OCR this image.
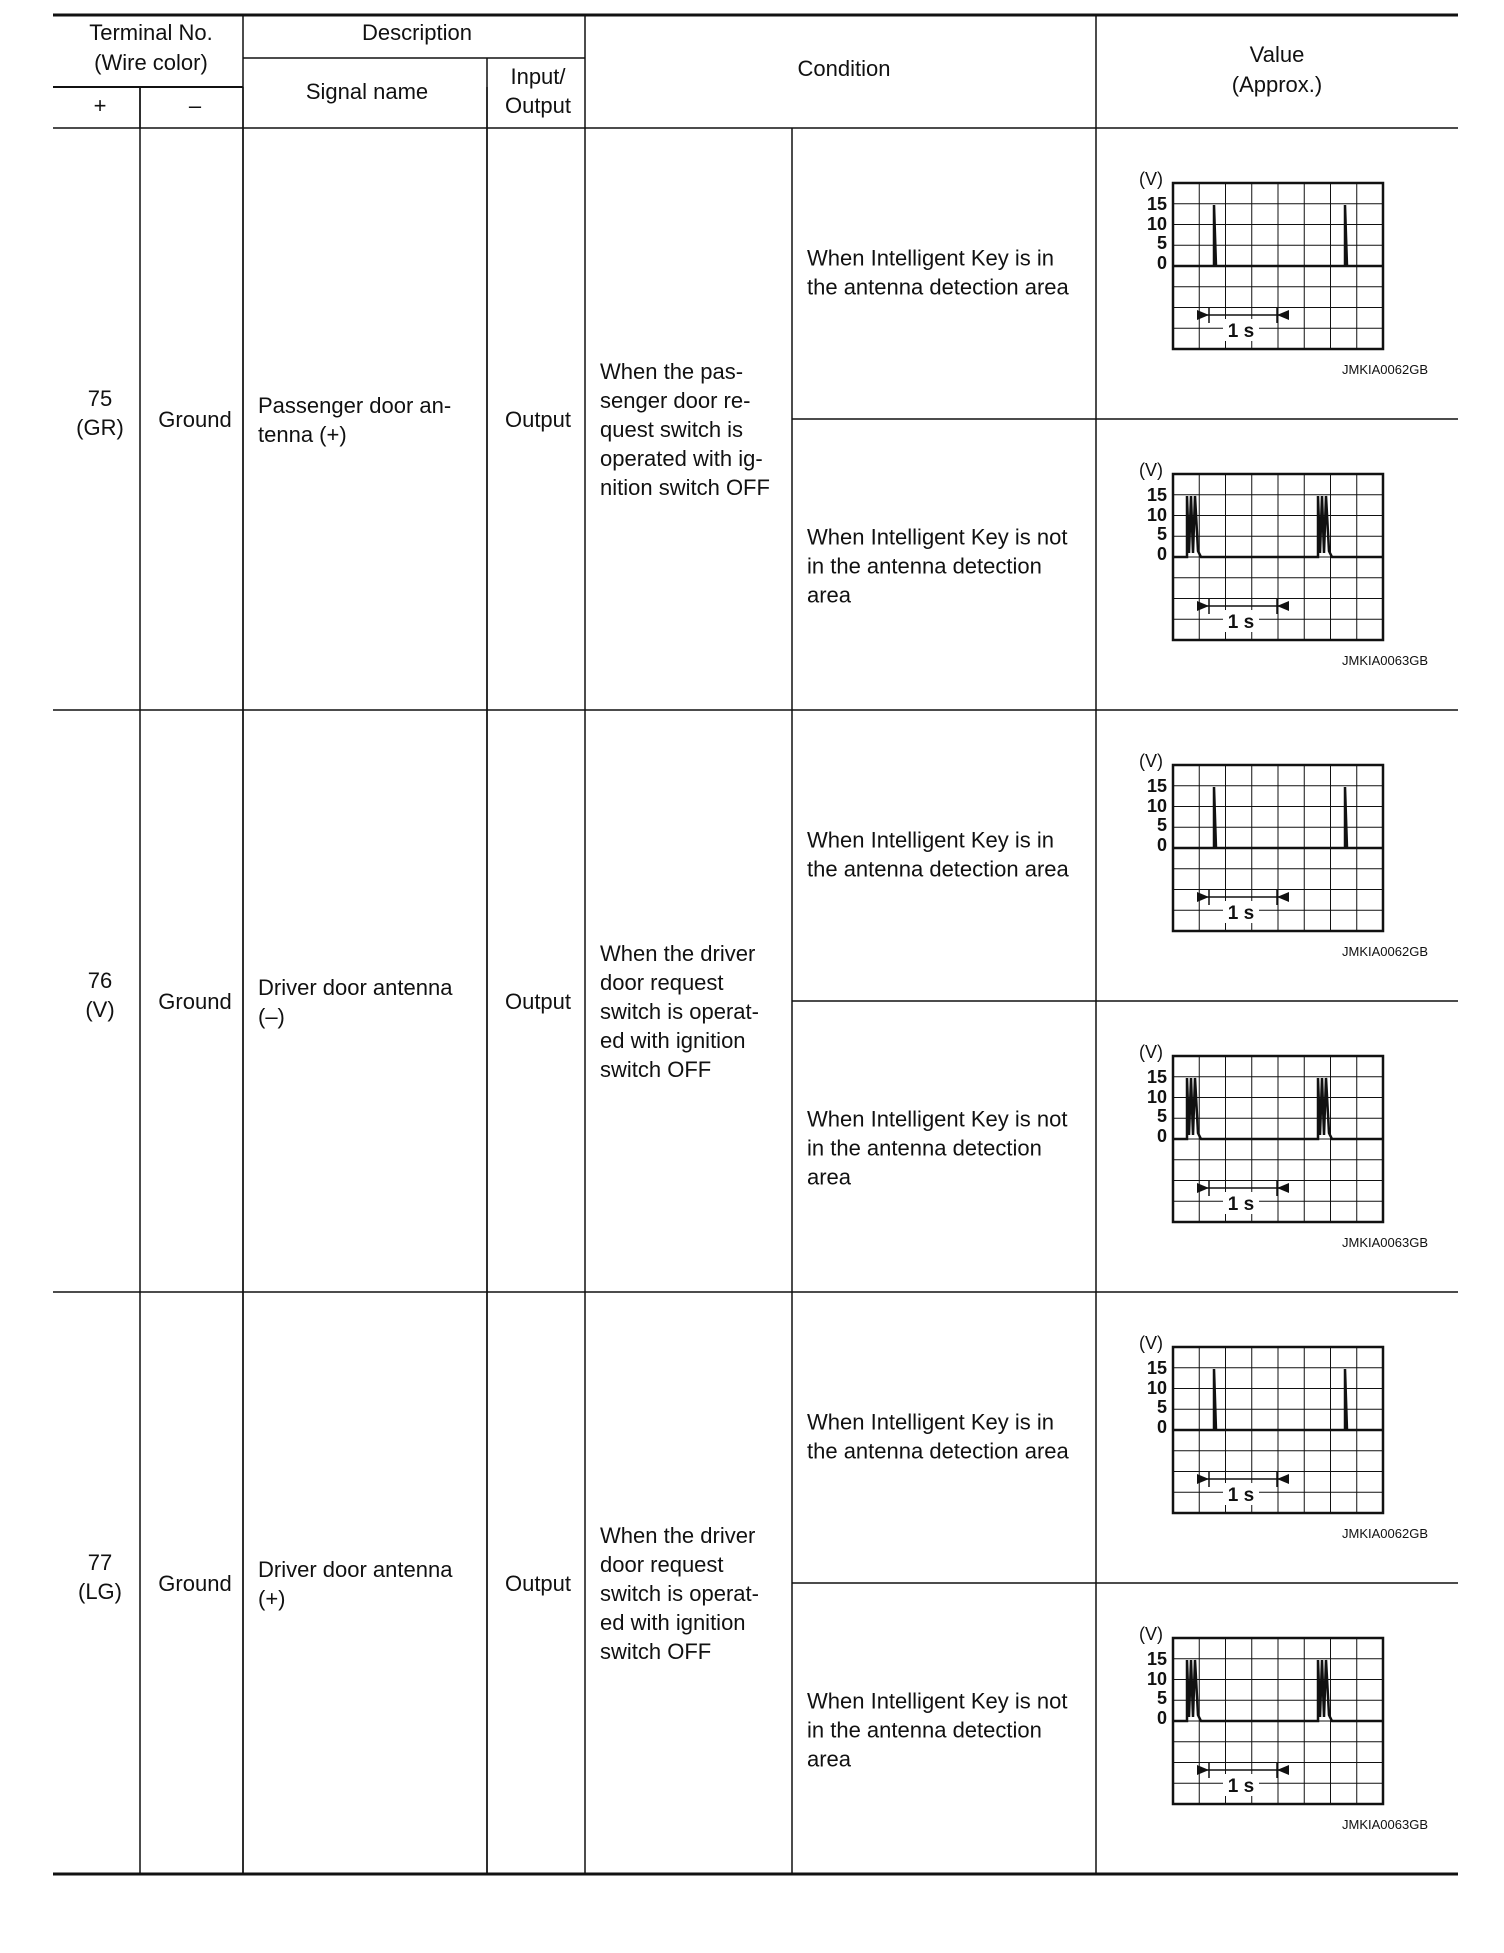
Terminal No.
(Wire color)
+	–
Description
Signal name
Input/
Output
Condition
Value
(Approx.)
75
(GR) Ground
Passenger door an-
tenna (+)
Output
When the pas-
senger door re-
quest switch is
operated with ig-
nition switch OFF
When Intelligent Key is in
the antenna detection area
(V)
15
10
5
0
1 s
JMKIA0062GB
When Intelligent Key is not
in the antenna detection
area
(V)
15
10
5
0
1 s
JMKIA0063GB
76
(V) Ground
Driver door antenna
(–)
Output
When the driver
door request
switch is operat-
ed with ignition
switch OFF
When Intelligent Key is in
the antenna detection area
(V)
15
10
5
0
1 s
JMKIA0062GB
When Intelligent Key is not
in the antenna detection
area
(V)
15
10
5
0
1 s
JMKIA0063GB
77
(LG) Ground
Driver door antenna
(+)
Output
When the driver
door request
switch is operat-
ed with ignition
switch OFF
When Intelligent Key is in
the antenna detection area
(V)
15
10
5
0
1 s
JMKIA0062GB
When Intelligent Key is not
in the antenna detection
area
(V)
15
10
5
0
1 s
JMKIA0063GB
